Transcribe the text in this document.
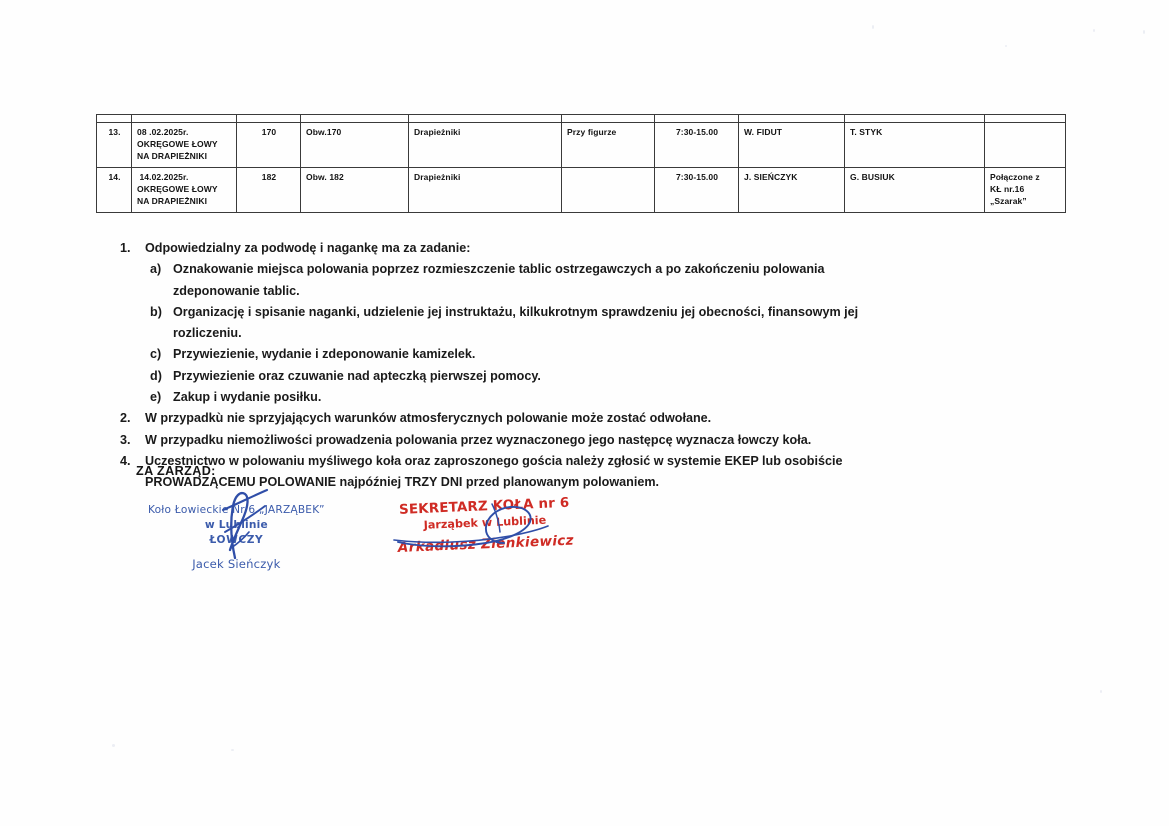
13.	08 .02.2025r.
OKRĘGOWE ŁOWY
NA DRAPIEŻNIKI	170	Obw.170	Drapieżniki	Przy figurze	7:30-15.00	W. FIDUT	T. STYK	

14.	14.02.2025r.
OKRĘGOWE ŁOWY
NA DRAPIEŻNIKI	182	Obw. 182	Drapieżniki		7:30-15.00	J. SIEŃCZYK	G. BUSIUK	Połączone z
KŁ nr.16
„Szarak”
1.	Odpowiedzialny za podwodę i nagankę ma za zadanie:
a) Oznakowanie miejsca polowania poprzez rozmieszczenie tablic ostrzegawczych a po zakończeniu polowania zdeponowanie tablic.
b) Organizację i spisanie naganki, udzielenie jej instruktażu, kilkukrotnym sprawdzeniu jej obecności, finansowym jej rozliczeniu.
c) Przywiezienie, wydanie i zdeponowanie kamizelek.
d) Przywiezienie oraz czuwanie nad apteczką pierwszej pomocy.
e) Zakup i wydanie posiłku.
2.	W przypadkù nie sprzyjających warunków atmosferycznych polowanie może zostać odwołane.
3.	W przypadku niemożliwości prowadzenia polowania przez wyznaczonego jego następcę wyznacza łowczy koła.
4.	Uczestnictwo w polowaniu myśliwego koła oraz zaproszonego gościa należy zgłosić w systemie EKEP lub osobiście
PROWADZĄCEMU POLOWANIE najpóźniej TRZY DNI przed planowanym polowaniem.
ZA ZARZĄD:
Koło Łowieckie Nr 6 „JARZĄBEK”
w Lublinie
ŁOWCZY
Jacek Sieńczyk
SEKRETARZ KOŁA nr 6
Jarząbek w Lublinie
Arkadiusz Zienkiewicz
